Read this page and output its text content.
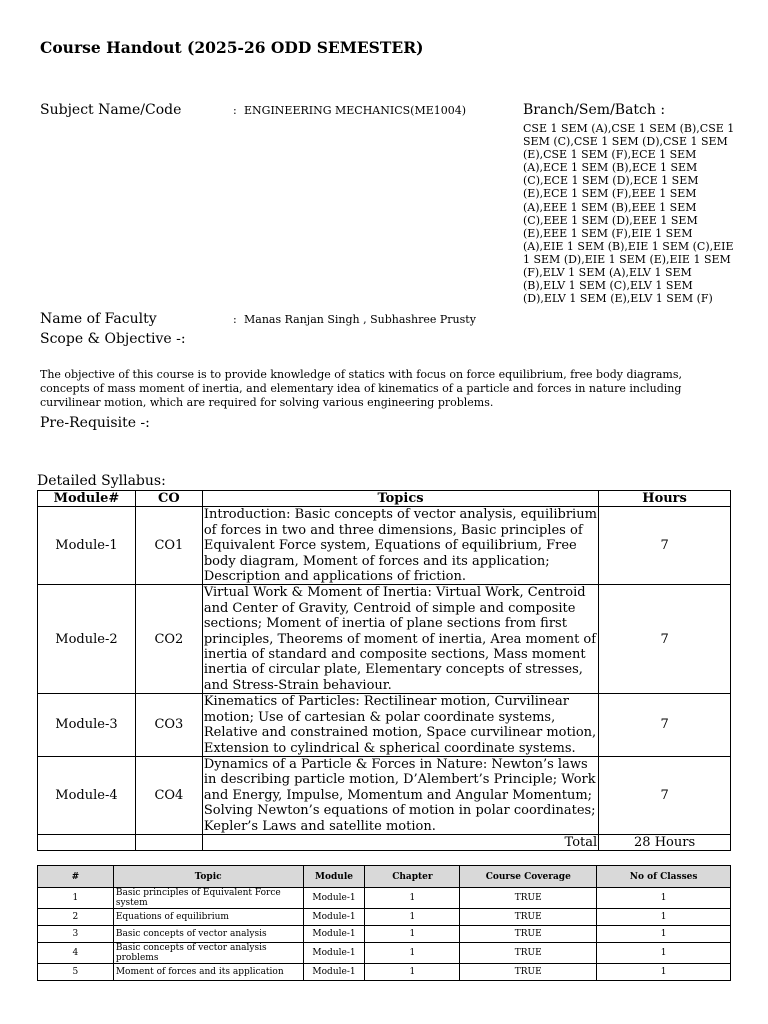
Course Handout (2025-26 ODD SEMESTER)
Subject Name/Code	: ENGINEERING MECHANICS(ME1004)	Branch/Sem/Batch :
CSE 1 SEM (A),CSE 1 SEM (B),CSE 1 SEM (C),CSE 1 SEM (D),CSE 1 SEM (E),CSE 1 SEM (F),ECE 1 SEM (A),ECE 1 SEM (B),ECE 1 SEM (C),ECE 1 SEM (D),ECE 1 SEM (E),ECE 1 SEM (F),EEE 1 SEM (A),EEE 1 SEM (B),EEE 1 SEM (C),EEE 1 SEM (D),EEE 1 SEM (E),EEE 1 SEM (F),EIE 1 SEM (A),EIE 1 SEM (B),EIE 1 SEM (C),EIE 1 SEM (D),EIE 1 SEM (E),EIE 1 SEM (F),ELV 1 SEM (A),ELV 1 SEM (B),ELV 1 SEM (C),ELV 1 SEM (D),ELV 1 SEM (E),ELV 1 SEM (F)
Name of Faculty	: Manas Ranjan Singh , Subhashree Prusty
Scope & Objective -:
The objective of this course is to provide knowledge of statics with focus on force equilibrium, free body diagrams, concepts of mass moment of inertia, and elementary idea of kinematics of a particle and forces in nature including curvilinear motion, which are required for solving various engineering problems.
Pre-Requisite -:
Detailed Syllabus:
Module#	CO	Topics	Hours
Module-1	CO1	Introduction: Basic concepts of vector analysis, equilibrium of forces in two and three dimensions, Basic principles of Equivalent Force system, Equations of equilibrium, Free body diagram, Moment of forces and its application; Description and applications of friction.	7
Module-2	CO2	Virtual Work & Moment of Inertia: Virtual Work, Centroid and Center of Gravity, Centroid of simple and composite sections; Moment of inertia of plane sections from first principles, Theorems of moment of inertia, Area moment of inertia of standard and composite sections, Mass moment inertia of circular plate, Elementary concepts of stresses, and Stress-Strain behaviour.	7
Module-3	CO3	Kinematics of Particles: Rectilinear motion, Curvilinear motion; Use of cartesian & polar coordinate systems, Relative and constrained motion, Space curvilinear motion, Extension to cylindrical & spherical coordinate systems.	7
Module-4	CO4	Dynamics of a Particle & Forces in Nature: Newton’s laws in describing particle motion, D’Alembert’s Principle; Work and Energy, Impulse, Momentum and Angular Momentum; Solving Newton’s equations of motion in polar coordinates; Kepler’s Laws and satellite motion.	7
		Total	28 Hours
#	Topic	Module	Chapter	Course Coverage	No of Classes
1	Basic principles of Equivalent Force system	Module-1	1	TRUE	1
2	Equations of equilibrium	Module-1	1	TRUE	1
3	Basic concepts of vector analysis	Module-1	1	TRUE	1
4	Basic concepts of vector analysis problems	Module-1	1	TRUE	1
5	Moment of forces and its application	Module-1	1	TRUE	1
